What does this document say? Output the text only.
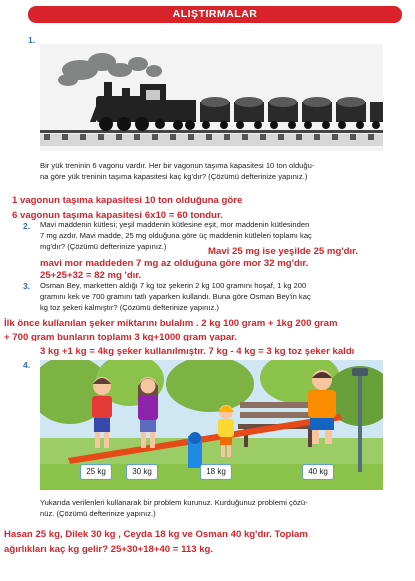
ALIŞTIRMALAR
1.
Bir yük treninin 6 vagonu vardır. Her bir vagonun taşıma kapasitesi 10 ton olduğu-
na göre yük treninin taşıma kapasitesi kaç kg'dır? (Çözümü defterinize yapınız.)
1 vagonun taşıma kapasitesi 10 ton olduğuna göre
6 vagonun taşıma kapasitesi 6x10 = 60 tondur.
2. Mavi maddenin kütlesi; yeşil maddenin kütlesine eşit, mor maddenin kütlesinden
7 mg azdır. Mavi madde, 25 mg olduğuna göre üç maddenin kütleleri toplamı kaç
mg'dır? (Çözümü defterinize yapınız.)	Mavi 25 mg ise yeşilde 25 mg'dır.
mavi mor maddeden 7 mg az olduğuna göre mor 32 mg'dır.
25+25+32 = 82 mg 'dır.
3. Osman Bey, marketten aldığı 7 kg toz şekerin 2 kg 100 gramını hoşaf, 1 kg 200
gramını kek ve 700 gramını tatlı yaparken kullandı. Buna göre Osman Bey'in kaç
kg toz şekeri kalmıştır? (Çözümü defterinize yapınız.)
İlk önce kullanılan şeker miktarını bulalım . 2 kg 100 gram + 1kg 200 gram
+ 700 gram bunların toplamı 3 kg+1000 gram yapar.
3 kg +1 kg = 4kg şeker kullanılmıştır. 7 kg - 4 kg = 3 kg toz şeker kaldı
4.
25 kg	30 kg	18 kg	40 kg
Yukarıda verilenleri kullanarak bir problem kurunuz. Kurduğunuz problemi çözü-
nüz. (Çözümü defterinize yapınız.)
Hasan 25 kg, Dilek 30 kg , Ceyda 18 kg ve Osman 40 kg'dır. Toplam
ağırlıkları kaç kg gelir? 25+30+18+40 = 113 kg.
